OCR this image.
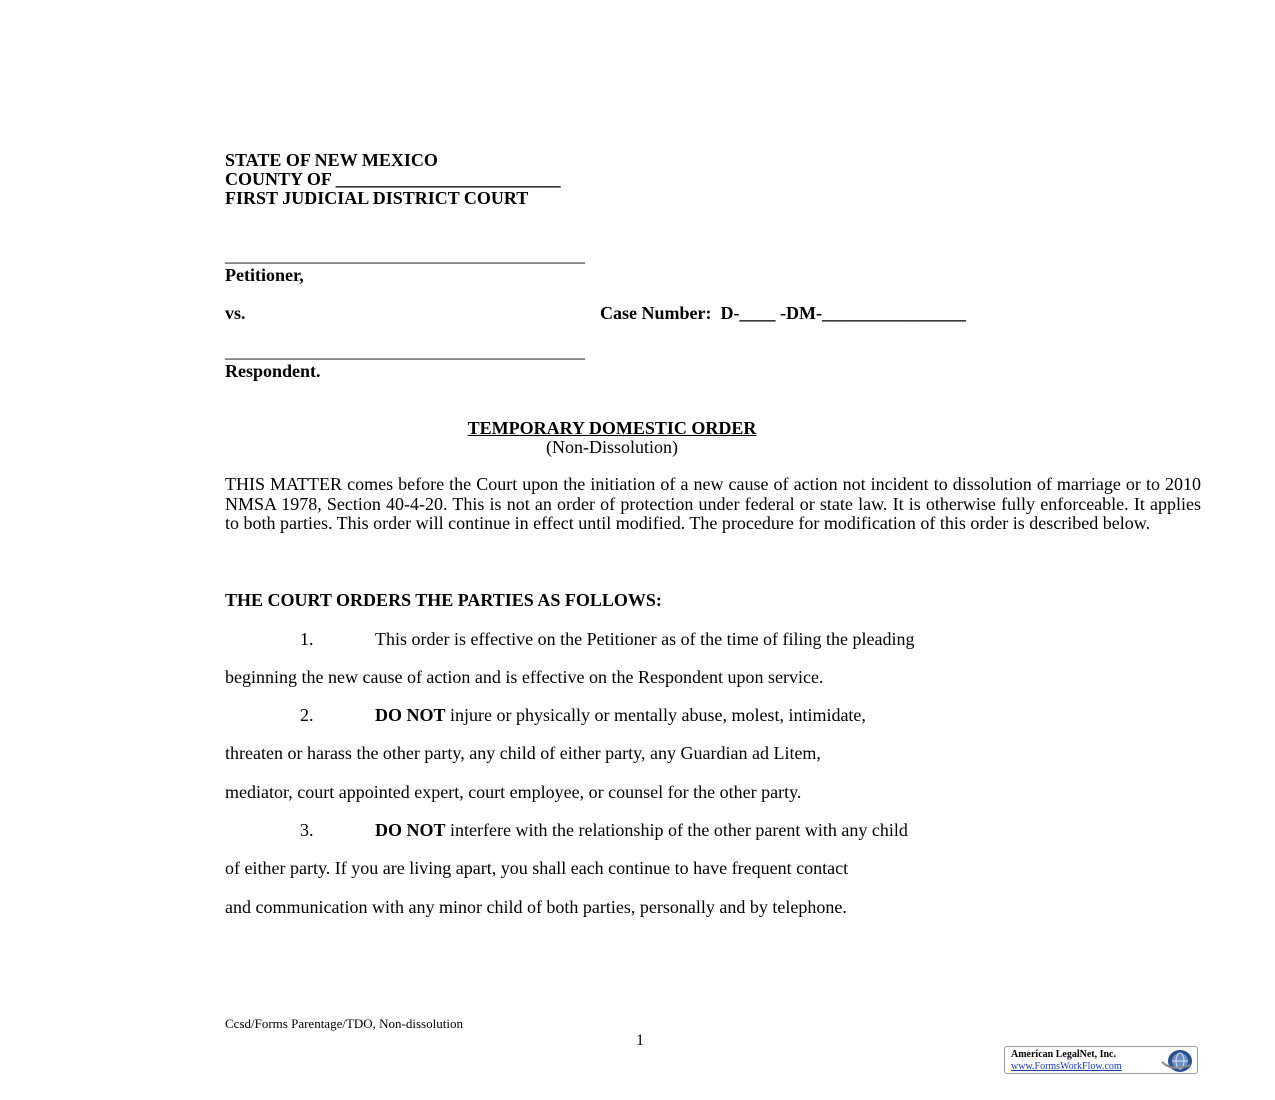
STATE OF NEW MEXICO
COUNTY OF _________________________
FIRST JUDICIAL DISTRICT COURT
________________________________________
Petitioner,
vs.	Case Number:  D-____ -DM-________________
________________________________________
Respondent.
TEMPORARY DOMESTIC ORDER
(Non-Dissolution)
THIS MATTER comes before the Court upon the initiation of a new cause of action not incident to dissolution of marriage or to 2010 NMSA 1978, Section 40-4-20. This is not an order of protection under federal or state law. It is otherwise fully enforceable. It applies to both parties. This order will continue in effect until modified. The procedure for modification of this order is described below.
THE COURT ORDERS THE PARTIES AS FOLLOWS:
1.	This order is effective on the Petitioner as of the time of filing the pleading
beginning the new cause of action and is effective on the Respondent upon service.
2.	DO NOT injure or physically or mentally abuse, molest, intimidate,
threaten or harass the other party, any child of either party, any Guardian ad Litem,
mediator, court appointed expert, court employee, or counsel for the other party.
3.	DO NOT interfere with the relationship of the other parent with any child
of either party. If you are living apart, you shall each continue to have frequent contact
and communication with any minor child of both parties, personally and by telephone.
Ccsd/Forms Parentage/TDO, Non-dissolution
1
American LegalNet, Inc.
www.FormsWorkFlow.com
